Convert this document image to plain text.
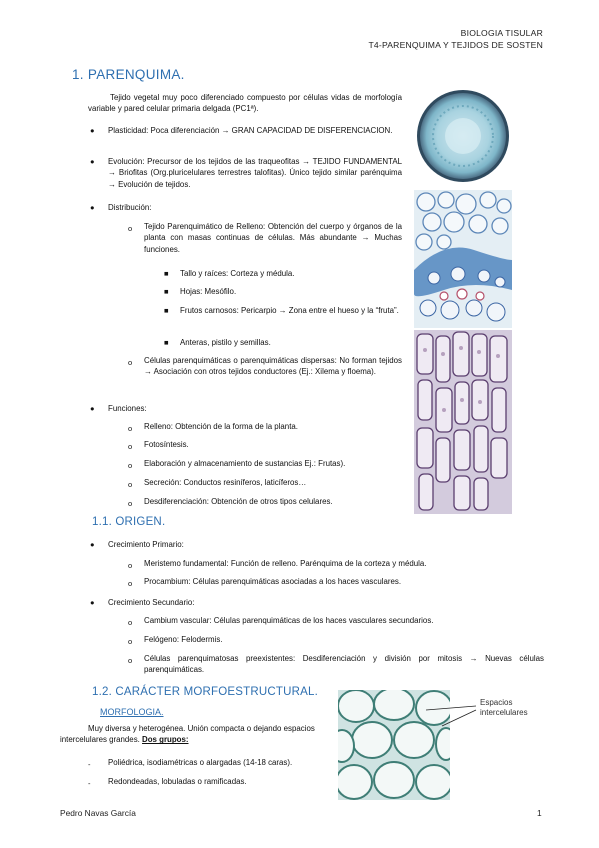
BIOLOGIA TISULAR
T4-PARENQUIMA Y TEJIDOS DE SOSTEN
1. PARENQUIMA.
Tejido vegetal muy poco diferenciado compuesto por células vidas de morfología variable y pared celular primaria delgada (PC1ª).
● Plasticidad: Poca diferenciación → GRAN CAPACIDAD DE DISFERENCIACION.
● Evolución: Precursor de los tejidos de las traqueofitas → TEJIDO FUNDAMENTAL → Briofitas (Org.pluricelulares terrestres talofitas). Único tejido similar parénquima → Evolución de tejidos.
● Distribución:
o Tejido Parenquimático de Relleno: Obtención del cuerpo y órganos de la planta con masas continuas de células. Más abundante → Muchas funciones.
■ Tallo y raíces: Corteza y médula.
■ Hojas: Mesófilo.
■ Frutos carnosos: Pericarpio → Zona entre el hueso y la “fruta”.
■ Anteras, pistilo y semillas.
o Células parenquimáticas o parenquimáticas dispersas: No forman tejidos → Asociación con otros tejidos conductores (Ej.: Xilema y floema).
● Funciones:
o Relleno: Obtención de la forma de la planta.
o Fotosíntesis.
o Elaboración y almacenamiento de sustancias Ej.: Frutas).
o Secreción: Conductos resiníferos, laticíferos…
o Desdiferenciación: Obtención de otros tipos celulares.
1.1. ORIGEN.
● Crecimiento Primario:
o Meristemo fundamental: Función de relleno. Parénquima de la corteza y médula.
o Procambium: Células parenquimáticas asociadas a los haces vasculares.
● Crecimiento Secundario:
o Cambium vascular: Células parenquimáticas de los haces vasculares secundarios.
o Felógeno: Felodermis.
o Células parenquimatosas preexistentes: Desdiferenciación y división por mitosis → Nuevas células parenquimáticas.
1.2. CARÁCTER MORFOESTRUCTURAL.
MORFOLOGIA.
Muy diversa y heterogénea. Unión compacta o dejando espacios intercelulares grandes. Dos grupos:
- Poliédrica, isodiamétricas o alargadas (14-18 caras).
- Redondeadas, lobuladas o ramificadas.
Espacios
intercelulares
Pedro Navas García	1
